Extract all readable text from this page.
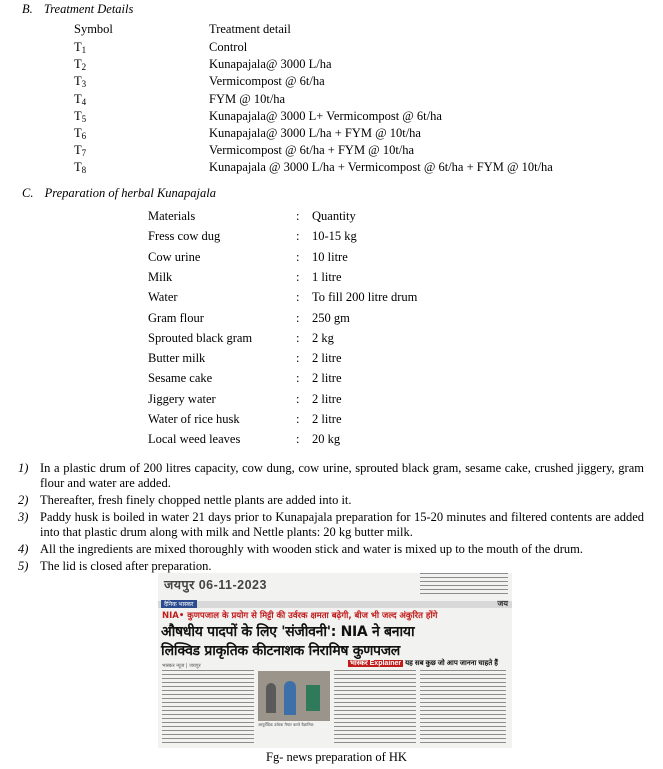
B. Treatment Details
Symbol	Treatment detail
$T_1$	Control
$T_2$	Kunapajala@ 3000 L/ha
$T_3$	Vermicompost @ 6t/ha
$T_4$	FYM @ 10t/ha
$T_5$	Kunapajala@ 3000 L+ Vermicompost @ 6t/ha
$T_6$	Kunapajala@ 3000 L/ha + FYM @ 10t/ha
$T_7$	Vermicompost @ 6t/ha + FYM @ 10t/ha
$T_8$	Kunapajala @ 3000 L/ha + Vermicompost @ 6t/ha + FYM @ 10t/ha
C. Preparation of herbal Kunapajala
Materials	: Quantity
Fress cow dug	: 10-15 kg
Cow urine	: 10 litre
Milk	: 1 litre
Water	: To fill 200 litre drum
Gram flour	: 250 gm
Sprouted black gram	: 2 kg
Butter milk	: 2 litre
Sesame cake	: 2 litre
Jiggery water	: 2 litre
Water of rice husk	: 2 litre
Local weed leaves	: 20 kg
1) In a plastic drum of 200 litres capacity, cow dung, cow urine, sprouted black gram, sesame cake, crushed jiggery, gram flour and water are added.
2) Thereafter, fresh finely chopped nettle plants are added into it.
3) Paddy husk is boiled in water 21 days prior to Kunapajala preparation for 15-20 minutes and filtered contents are added into that plastic drum along with milk and Nettle plants: 20 kg butter milk.
4) All the ingredients are mixed thoroughly with wooden stick and water is mixed up to the mouth of the drum.
5) The lid is closed after preparation.
जयपुर 06-11-2023
दैनिक भास्कर	जय
NIA• कुणपजाल के प्रयोग से मिट्टी की उर्वरक क्षमता बढ़ेगी, बीज भी जल्द अंकुरित होंगे
औषधीय पादपों के लिए 'संजीवनी': NIA ने बनाया
लिक्विड प्राकृतिक कीटनाशक निरामिष कुणपजल
भास्कर न्यूज | जयपुर	भास्कर Explainer यह सब कुछ जो आप जानना चाहते हैं
आयुर्वेदिक उर्वरक तैयार करते वैज्ञानिक
Fg- news preparation of HK
